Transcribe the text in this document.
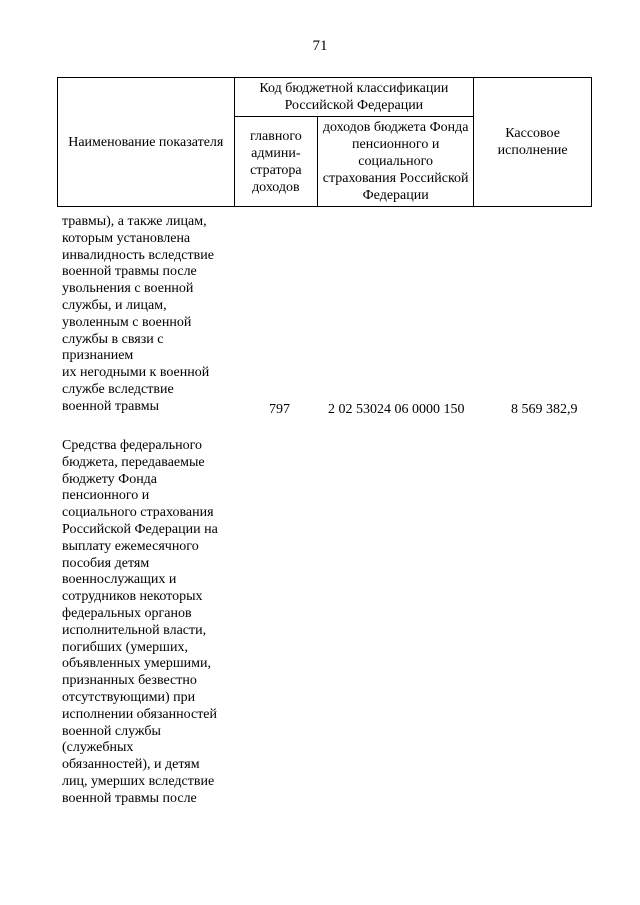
71
Наименование показателя	Код бюджетной классификации Российской Федерации		Кассовое исполнение
	главного админи-стратора доходов	доходов бюджета Фонда пенсионного и социального страхования Российской Федерации	
травмы), а также лицам,
которым установлена
инвалидность вследствие
военной травмы после
увольнения с военной
службы, и лицам,
уволенным с военной
службы в связи с
признанием
их негодными к военной
службе вследствие
военной травмы	797	2 02 53024 06 0000 150	8 569 382,9
Средства федерального
бюджета, передаваемые
бюджету Фонда
пенсионного и
социального страхования
Российской Федерации на
выплату ежемесячного
пособия детям
военнослужащих и
сотрудников некоторых
федеральных органов
исполнительной власти,
погибших (умерших,
объявленных умершими,
признанных безвестно
отсутствующими) при
исполнении обязанностей
военной службы
(служебных
обязанностей), и детям
лиц, умерших вследствие
военной травмы после
